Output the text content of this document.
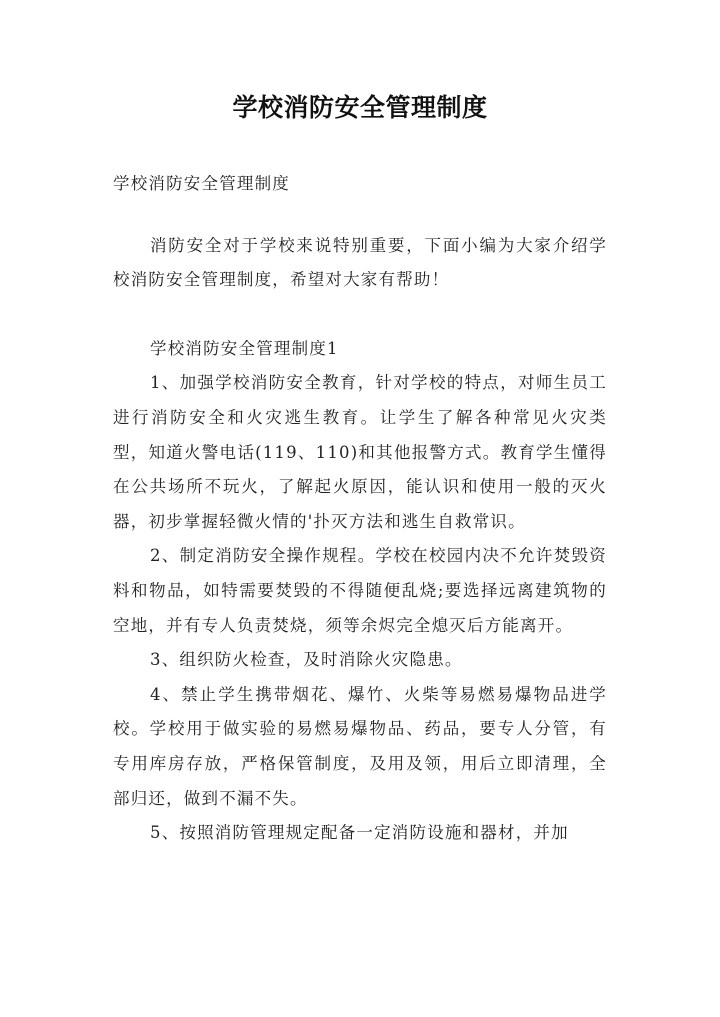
学校消防安全管理制度

学校消防安全管理制度

消防安全对于学校来说特别重要，下面小编为大家介绍学校消防安全管理制度，希望对大家有帮助！

学校消防安全管理制度1

1、加强学校消防安全教育，针对学校的特点，对师生员工进行消防安全和火灾逃生教育。让学生了解各种常见火灾类型，知道火警电话(119、110)和其他报警方式。教育学生懂得在公共场所不玩火，了解起火原因，能认识和使用一般的灭火器，初步掌握轻微火情的'扑灭方法和逃生自救常识。

2、制定消防安全操作规程。学校在校园内决不允许焚毁资料和物品，如特需要焚毁的不得随便乱烧;要选择远离建筑物的空地，并有专人负责焚烧，须等余烬完全熄灭后方能离开。

3、组织防火检查，及时消除火灾隐患。

4、禁止学生携带烟花、爆竹、火柴等易燃易爆物品进学校。学校用于做实验的易燃易爆物品、药品，要专人分管，有专用库房存放，严格保管制度，及用及领，用后立即清理，全部归还，做到不漏不失。

5、按照消防管理规定配备一定消防设施和器材，并加
